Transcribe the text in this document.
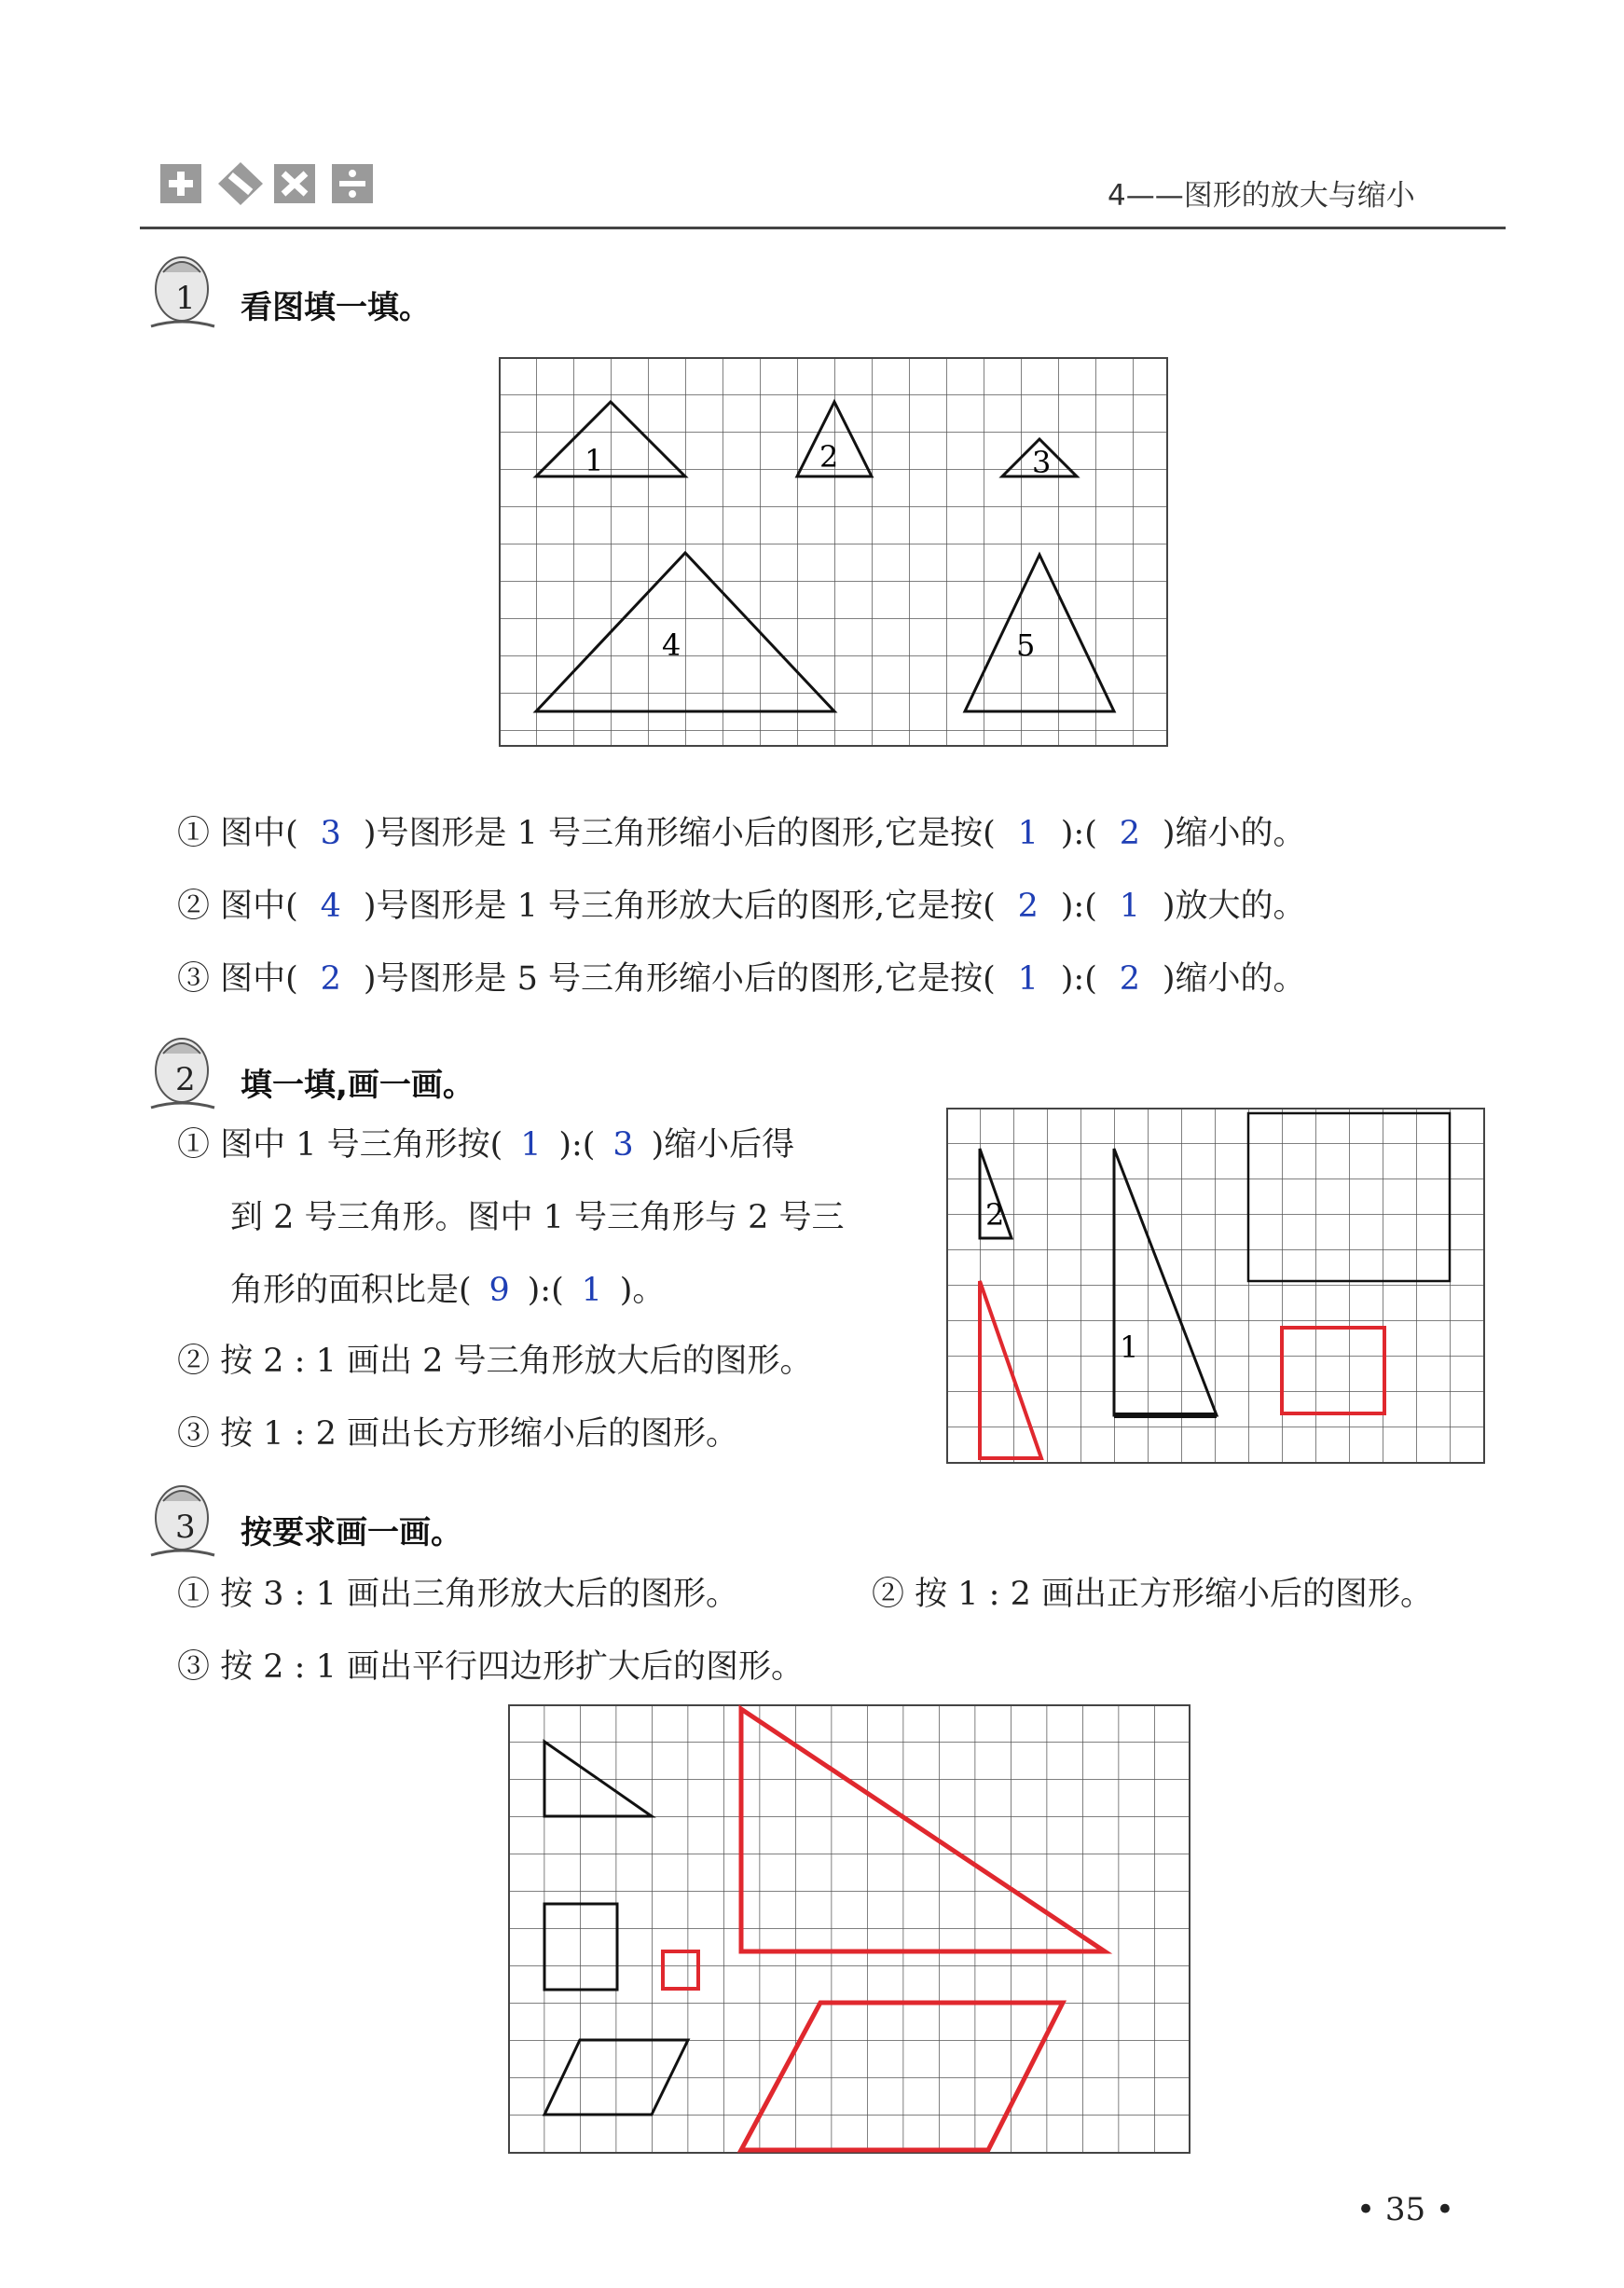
4——图形的放大与缩小
1 看图填一填。
1	2	3
4	5
① 图中( 3 )号图形是 1 号三角形缩小后的图形,它是按( 1 ):( 2 )缩小的。
② 图中( 4 )号图形是 1 号三角形放大后的图形,它是按( 2 ):( 1 )放大的。
③ 图中( 2 )号图形是 5 号三角形缩小后的图形,它是按( 1 ):( 2 )缩小的。
2 填一填,画一画。
① 图中 1 号三角形按( 1 ):( 3 )缩小后得
到 2 号三角形。图中 1 号三角形与 2 号三
角形的面积比是( 9 ):( 1 )。
② 按 2 : 1 画出 2 号三角形放大后的图形。
③ 按 1 : 2 画出长方形缩小后的图形。
2
1
3 按要求画一画。
① 按 3 : 1 画出三角形放大后的图形。	② 按 1 : 2 画出正方形缩小后的图形。
③ 按 2 : 1 画出平行四边形扩大后的图形。
• 35 •
